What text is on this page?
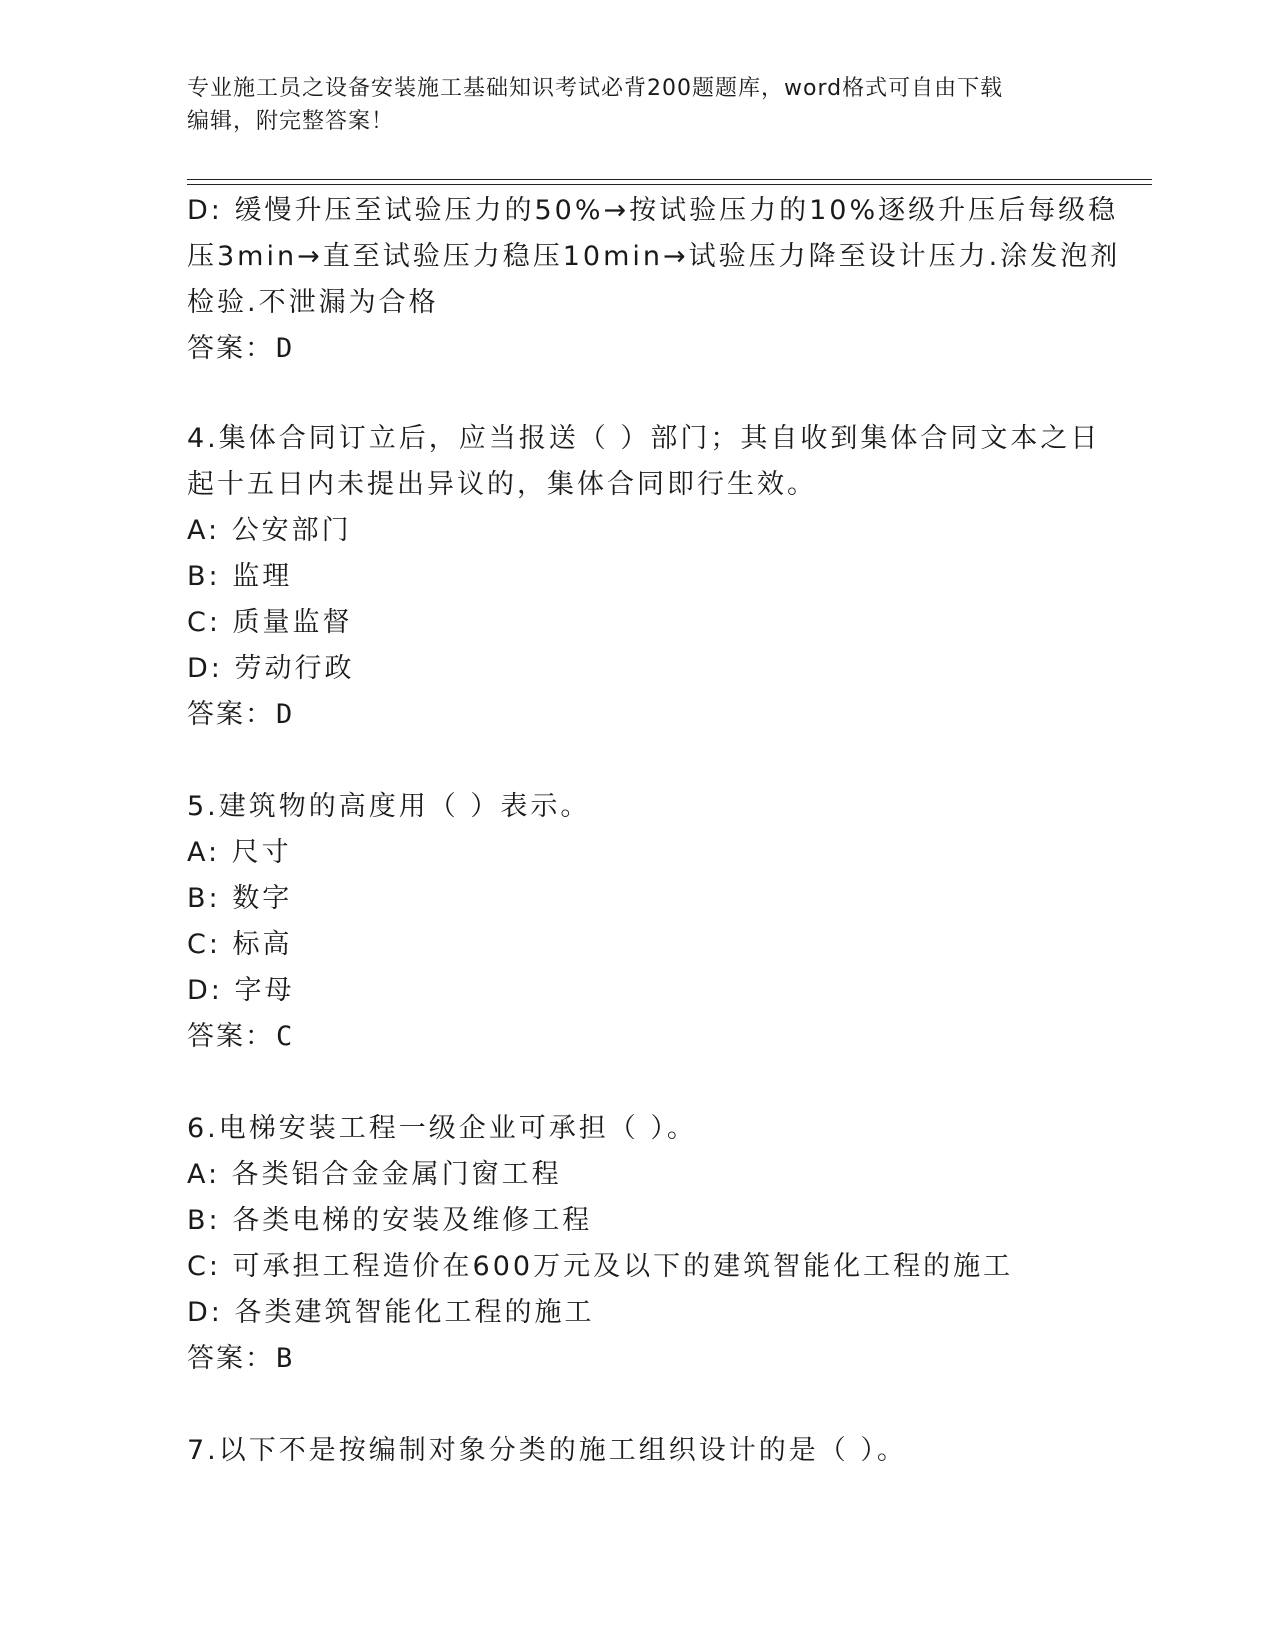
专业施工员之设备安装施工基础知识考试必背200题题库，word格式可自由下载
编辑，附完整答案！
D: 缓慢升压至试验压力的50%→按试验压力的10%逐级升压后每级稳
压3min→直至试验压力稳压10min→试验压力降至设计压力.涂发泡剂
检验.不泄漏为合格
答案：D
4.集体合同订立后，应当报送（ ）部门；其自收到集体合同文本之日
起十五日内未提出异议的，集体合同即行生效。
A: 公安部门
B: 监理
C: 质量监督
D: 劳动行政
答案：D
5.建筑物的高度用（ ）表示。
A: 尺寸
B: 数字
C: 标高
D: 字母
答案：C
6.电梯安装工程一级企业可承担（ ）。
A: 各类铝合金金属门窗工程
B: 各类电梯的安装及维修工程
C: 可承担工程造价在600万元及以下的建筑智能化工程的施工
D: 各类建筑智能化工程的施工
答案：B
7.以下不是按编制对象分类的施工组织设计的是（ ）。
